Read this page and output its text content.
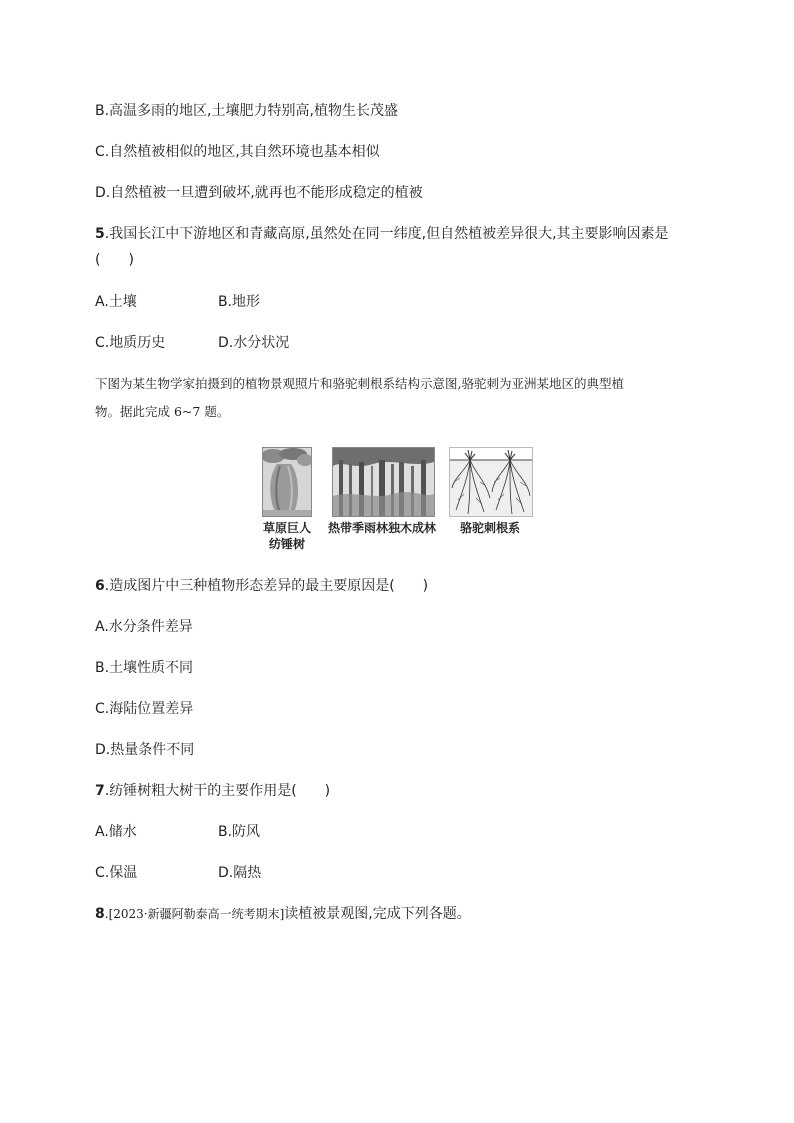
B.高温多雨的地区,土壤肥力特别高,植物生长茂盛
C.自然植被相似的地区,其自然环境也基本相似
D.自然植被一旦遭到破坏,就再也不能形成稳定的植被
5.我国长江中下游地区和青藏高原,虽然处在同一纬度,但自然植被差异很大,其主要影响因素是
(　　)
A.土壤	B.地形
C.地质历史	D.水分状况
下图为某生物学家拍摄到的植物景观照片和骆驼刺根系结构示意图,骆驼刺为亚洲某地区的典型植
物。据此完成 6~7 题。
草原巨人
纺锤树
热带季雨林独木成林	骆驼刺根系
6.造成图片中三种植物形态差异的最主要原因是(　　)
A.水分条件差异
B.土壤性质不同
C.海陆位置差异
D.热量条件不同
7.纺锤树粗大树干的主要作用是(　　)
A.储水	B.防风
C.保温	D.隔热
8.[2023·新疆阿勒泰高一统考期末]读植被景观图,完成下列各题。
